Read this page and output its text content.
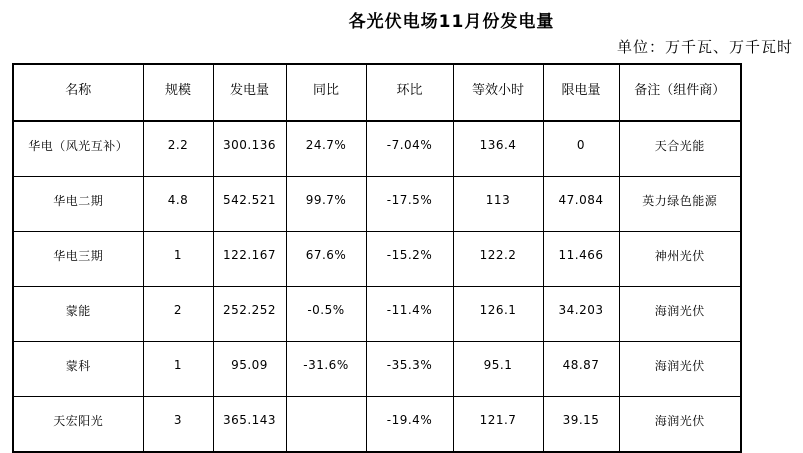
各光伏电场11月份发电量
单位：万千瓦、万千瓦时
名称	规模	发电量	同比	环比	等效小时	限电量	备注（组件商）
华电（风光互补）	2.2	300.136	24.7%	-7.04%	136.4	0	天合光能
华电二期	4.8	542.521	99.7%	-17.5%	113	47.084	英力绿色能源
华电三期	1	122.167	67.6%	-15.2%	122.2	11.466	神州光伏
蒙能	2	252.252	-0.5%	-11.4%	126.1	34.203	海润光伏
蒙科	1	95.09	-31.6%	-35.3%	95.1	48.87	海润光伏
天宏阳光	3	365.143		-19.4%	121.7	39.15	海润光伏
